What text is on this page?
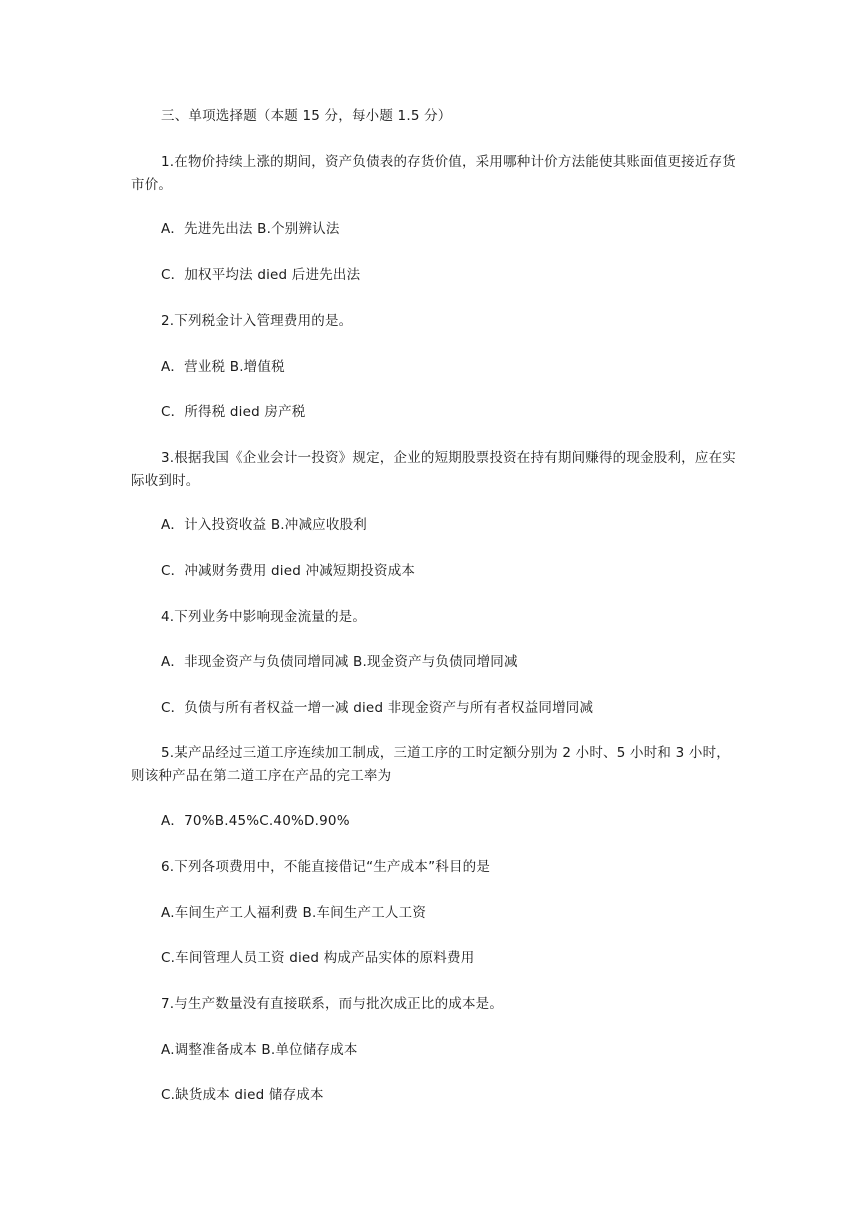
三、单项选择题（本题 15 分，每小题 1.5 分）
1.在物价持续上涨的期间，资产负债表的存货价值，采用哪种计价方法能使其账面值更接近存货市价。
A．先进先出法 B.个别辨认法
C．加权平均法 died 后进先出法
2.下列税金计入管理费用的是。
A．营业税 B.增值税
C．所得税 died 房产税
3.根据我国《企业会计一投资》规定，企业的短期股票投资在持有期间赚得的现金股利，应在实际收到时。
A．计入投资收益 B.冲减应收股利
C．冲减财务费用 died 冲减短期投资成本
4.下列业务中影响现金流量的是。
A．非现金资产与负债同增同减 B.现金资产与负债同增同减
C．负债与所有者权益一增一减 died 非现金资产与所有者权益同增同减
5.某产品经过三道工序连续加工制成，三道工序的工时定额分别为 2 小时、5 小时和 3 小时，则该种产品在第二道工序在产品的完工率为
A．70%B.45%C.40%D.90%
6.下列各项费用中，不能直接借记“生产成本”科目的是
A.车间生产工人福利费 B.车间生产工人工资
C.车间管理人员工资 died 构成产品实体的原料费用
7.与生产数量没有直接联系，而与批次成正比的成本是。
A.调整准备成本 B.单位储存成本
C.缺货成本 died 储存成本
